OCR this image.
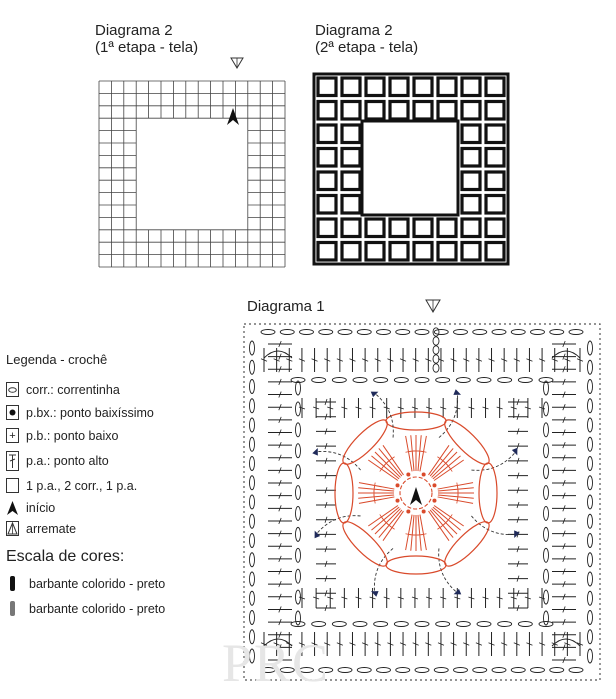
Diagrama 2
(1ª etapa - tela)
Diagrama 2
(2ª etapa - tela)
Diagrama 1
Legenda - crochê
corr.: correntinha
p.bx.: ponto baixíssimo
+ p.b.: ponto baixo
p.a.: ponto alto
1 p.a., 2 corr., 1 p.a.
início
arremate
Escala de cores:
barbante colorido - preto
barbante colorido - preto
PRC
